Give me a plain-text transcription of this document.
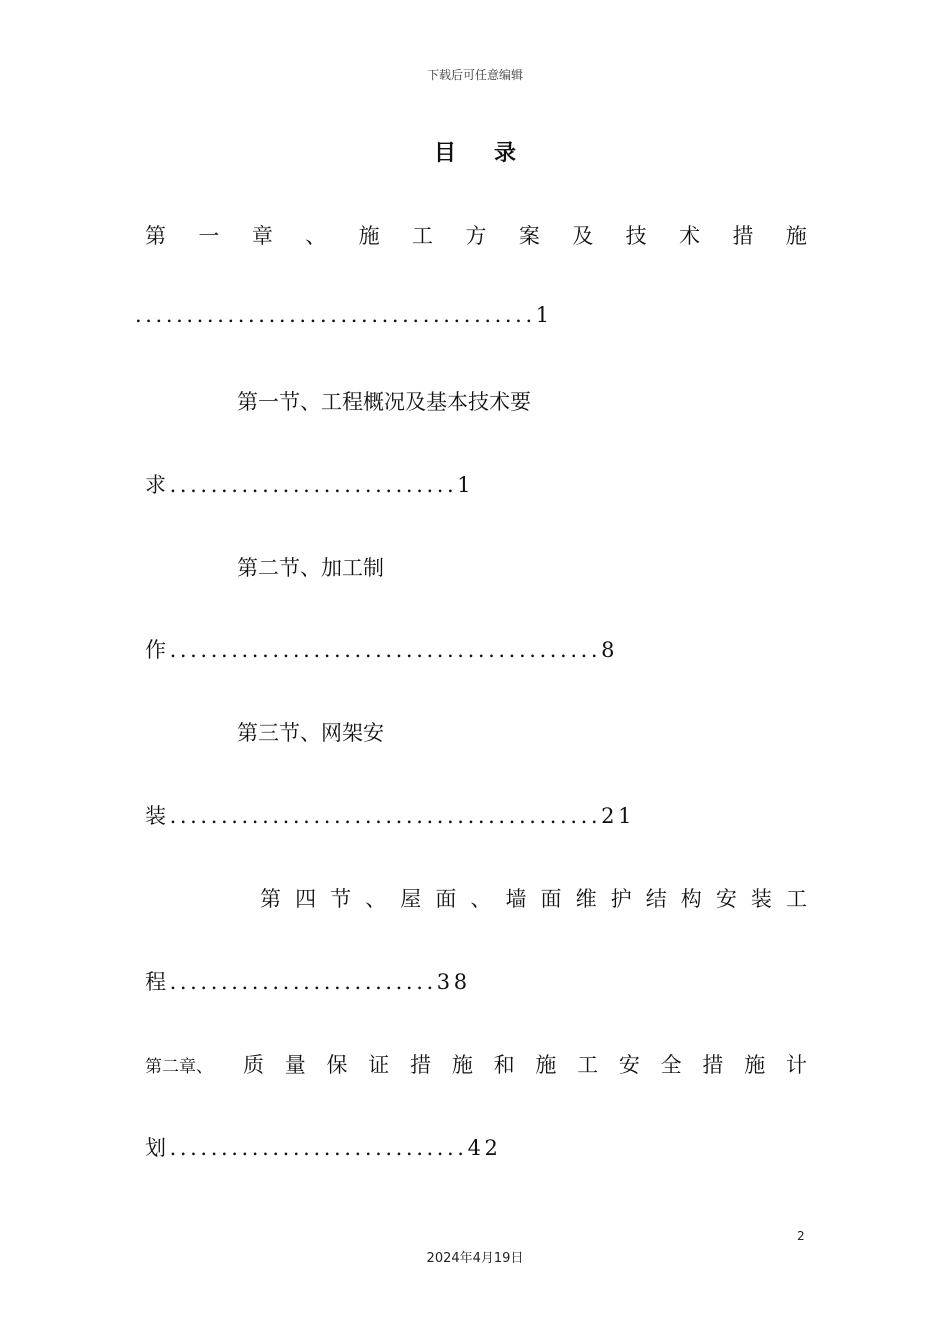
下载后可任意编辑
目录
第 一 章 、 施 工 方 案 及 技 术 措 施
.......................................1
第一节、工程概况及基本技术要
求............................1
第二节、加工制
作..........................................8
第三节、网架安
装..........................................21
第 四 节 、 屋 面 、 墙 面 维 护 结 构 安 装 工
程..........................38
第二章、	质 量 保 证 措 施 和 施 工 安 全 措 施 计
划.............................42
2
2024年4月19日
